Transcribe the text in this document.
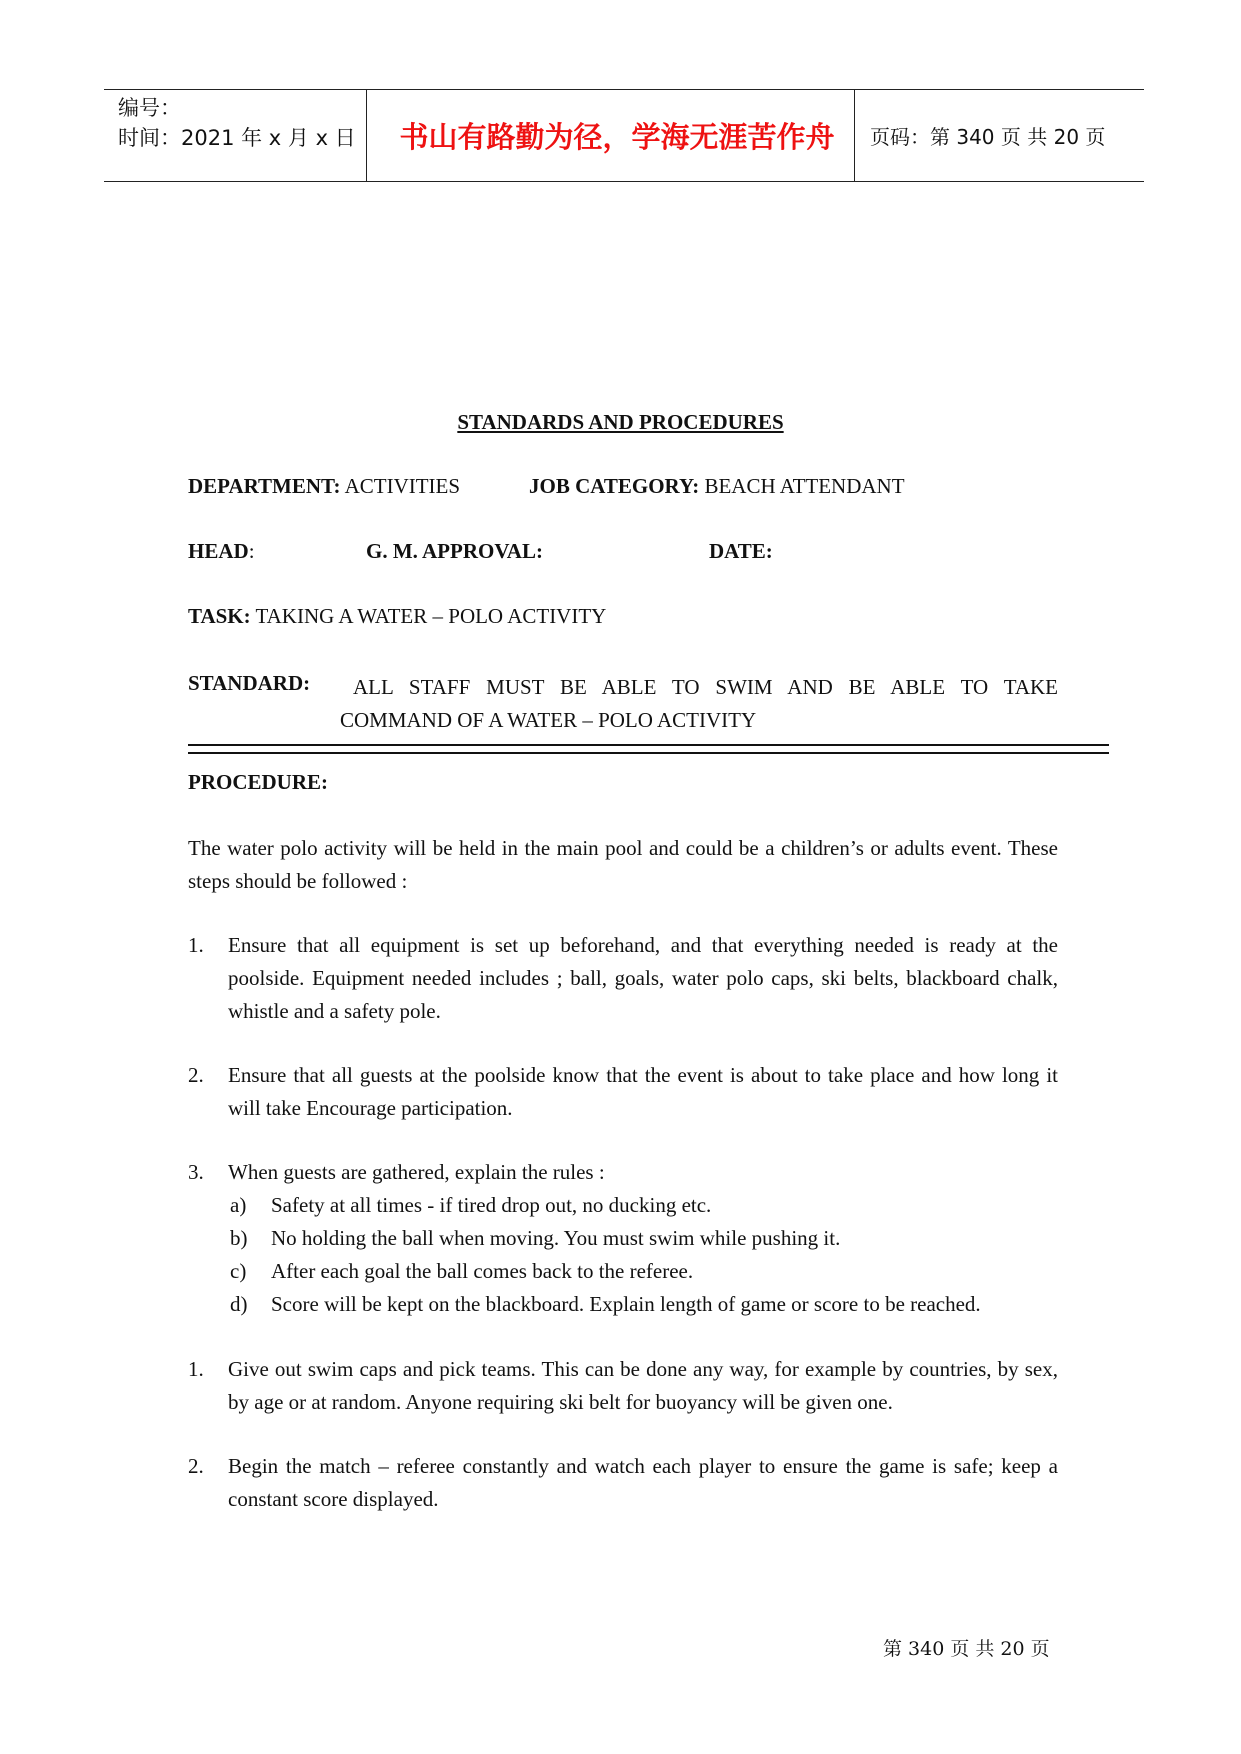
编号：
时间：2021 年 x 月 x 日	书山有路勤为径，学海无涯苦作舟	页码：第 340 页 共 20 页
STANDARDS AND PROCEDURES
DEPARTMENT: ACTIVITIES	JOB CATEGORY: BEACH ATTENDANT
HEAD:	G. M. APPROVAL:	DATE:
TASK: TAKING A WATER – POLO ACTIVITY
STANDARD: ALL STAFF MUST BE ABLE TO SWIM AND BE ABLE TO TAKE
COMMAND OF A WATER – POLO ACTIVITY
PROCEDURE:
The water polo activity will be held in the main pool and could be a children’s or adults event. These steps should be followed :
1. Ensure that all equipment is set up beforehand, and that everything needed is ready at the poolside. Equipment needed includes ; ball, goals, water polo caps, ski belts, blackboard chalk, whistle and a safety pole.
2. Ensure that all guests at the poolside know that the event is about to take place and how long it will take Encourage participation.
3. When guests are gathered, explain the rules :
a) Safety at all times - if tired drop out, no ducking etc.
b) No holding the ball when moving. You must swim while pushing it.
c) After each goal the ball comes back to the referee.
d) Score will be kept on the blackboard. Explain length of game or score to be reached.
1. Give out swim caps and pick teams. This can be done any way, for example by countries, by sex, by age or at random. Anyone requiring ski belt for buoyancy will be given one.
2. Begin the match – referee constantly and watch each player to ensure the game is safe; keep a constant score displayed.
第 340 页 共 20 页
